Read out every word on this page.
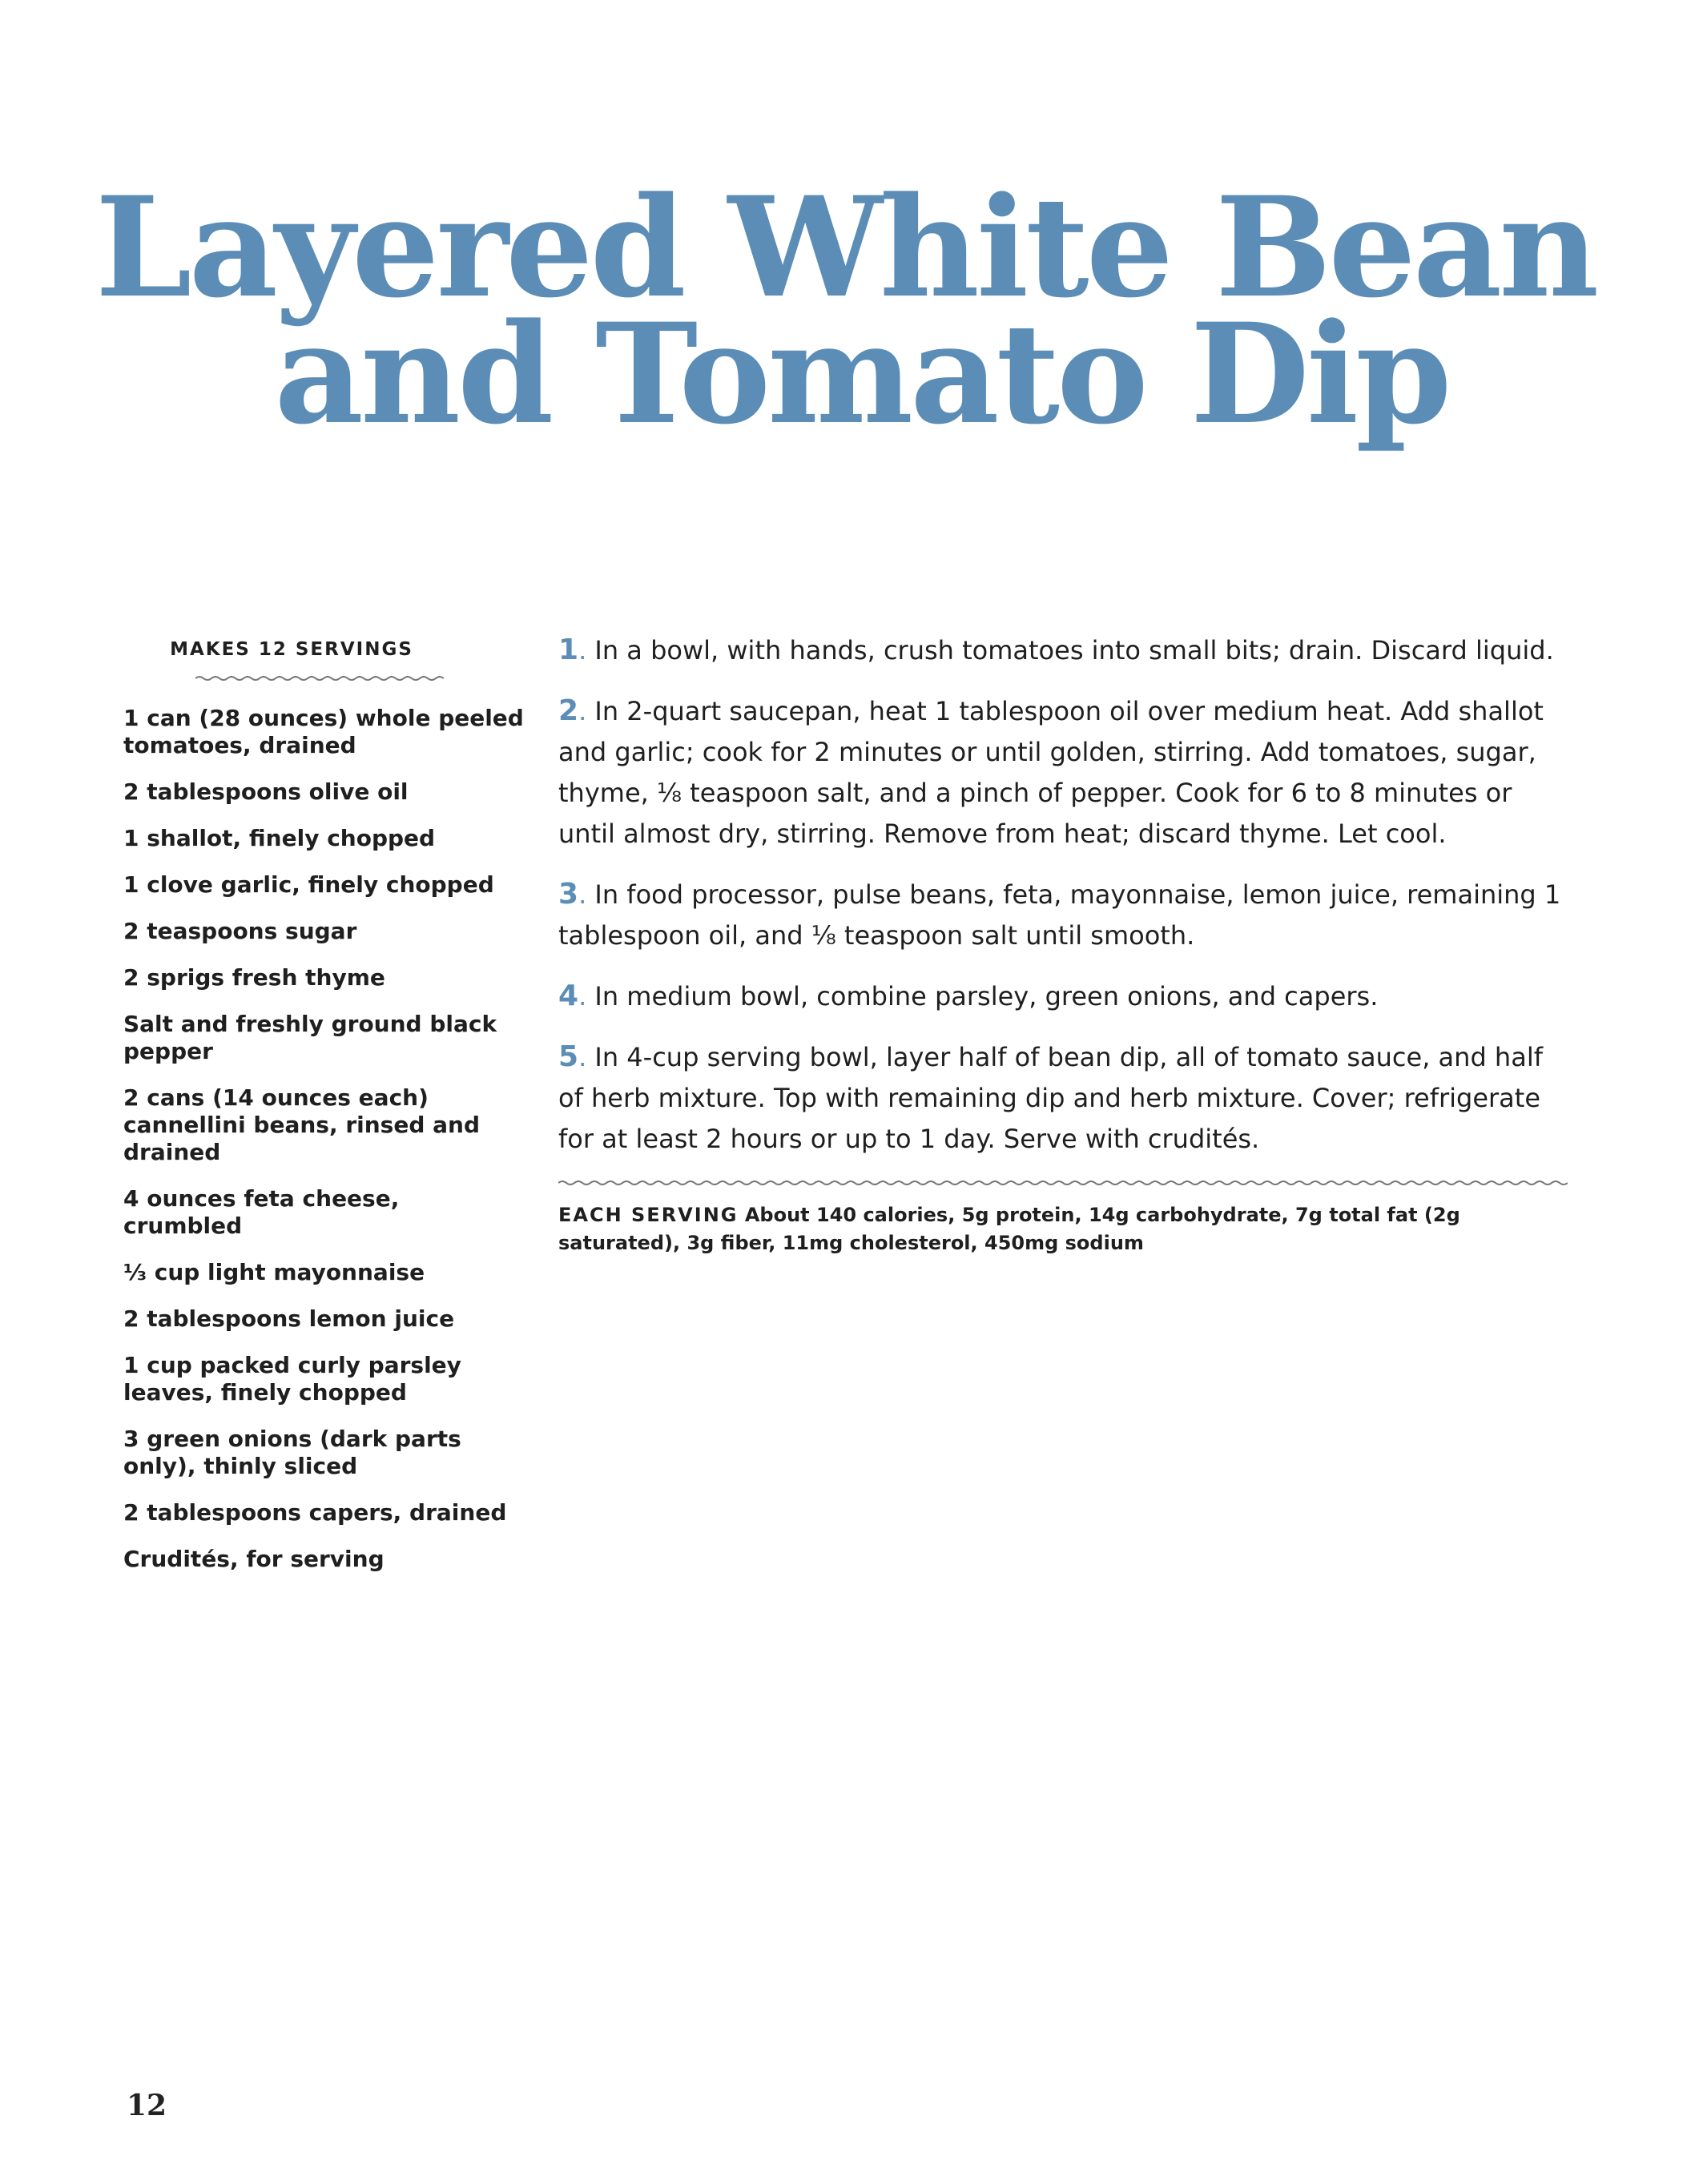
Layered White Bean
and Tomato Dip

MAKES 12 SERVINGS

1 can (28 ounces) whole peeled tomatoes, drained
2 tablespoons olive oil
1 shallot, finely chopped
1 clove garlic, finely chopped
2 teaspoons sugar
2 sprigs fresh thyme
Salt and freshly ground black pepper
2 cans (14 ounces each) cannellini beans, rinsed and drained
4 ounces feta cheese, crumbled
⅓ cup light mayonnaise
2 tablespoons lemon juice
1 cup packed curly parsley leaves, finely chopped
3 green onions (dark parts only), thinly sliced
2 tablespoons capers, drained
Crudités, for serving

1. In a bowl, with hands, crush tomatoes into small bits; drain. Discard liquid.

2. In 2-quart saucepan, heat 1 tablespoon oil over medium heat. Add shallot and garlic; cook for 2 minutes or until golden, stirring. Add tomatoes, sugar, thyme, ⅛ teaspoon salt, and a pinch of pepper. Cook for 6 to 8 minutes or until almost dry, stirring. Remove from heat; discard thyme. Let cool.

3. In food processor, pulse beans, feta, mayonnaise, lemon juice, remaining 1 tablespoon oil, and ⅛ teaspoon salt until smooth.

4. In medium bowl, combine parsley, green onions, and capers.

5. In 4-cup serving bowl, layer half of bean dip, all of tomato sauce, and half of herb mixture. Top with remaining dip and herb mixture. Cover; refrigerate for at least 2 hours or up to 1 day. Serve with crudités.

EACH SERVING About 140 calories, 5g protein, 14g carbohydrate, 7g total fat (2g saturated), 3g fiber, 11mg cholesterol, 450mg sodium

12
